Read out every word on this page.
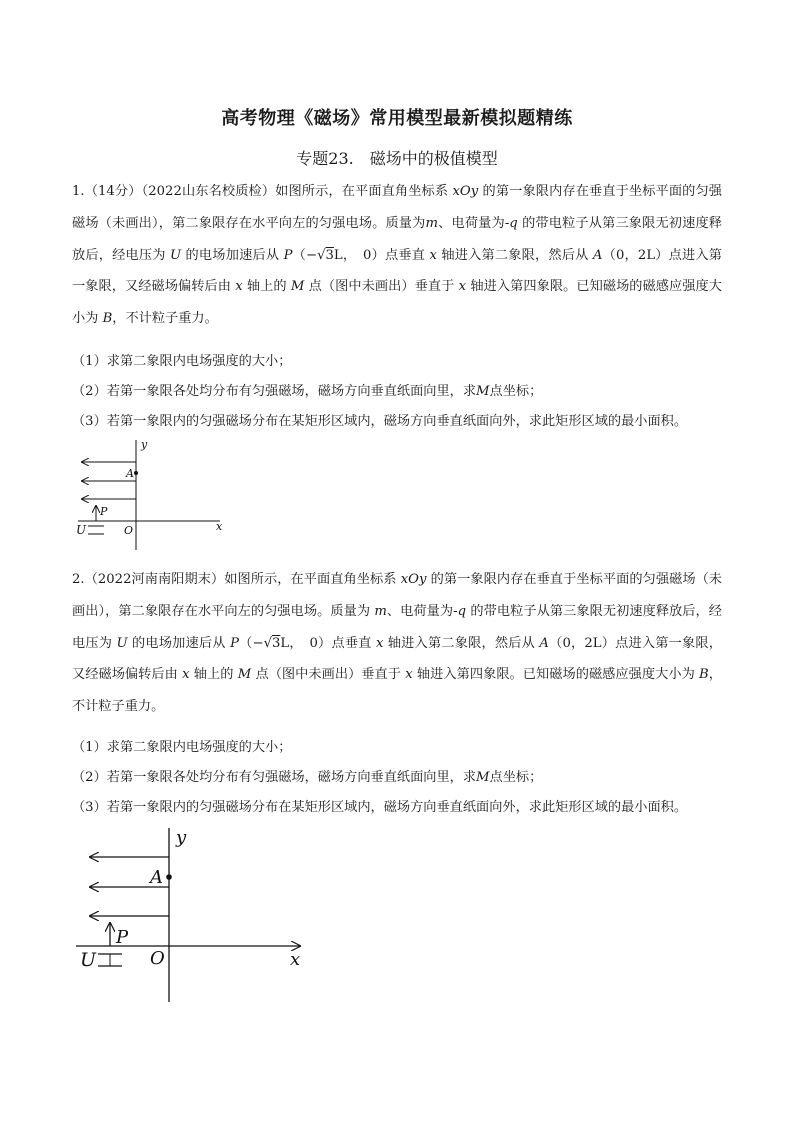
高考物理《磁场》常用模型最新模拟题精练
专题23.　磁场中的极值模型

1.（14分）（2022山东名校质检）如图所示，在平面直角坐标系 xOy 的第一象限内存在垂直于坐标平面的匀强磁场（未画出），第二象限存在水平向左的匀强电场。质量为m、电荷量为-q 的带电粒子从第三象限无初速度释放后，经电压为 U 的电场加速后从 P（−√3L，　0）点垂直 x 轴进入第二象限，然后从 A（0，2L）点进入第一象限，又经磁场偏转后由 x 轴上的 M 点（图中未画出）垂直于 x 轴进入第四象限。已知磁场的磁感应强度大小为 B，不计粒子重力。

（1）求第二象限内电场强度的大小；

（2）若第一象限各处均分布有匀强磁场，磁场方向垂直纸面向里，求M点坐标；

（3）若第一象限内的匀强磁场分布在某矩形区域内，磁场方向垂直纸面向外，求此矩形区域的最小面积。

y
A
P
U	O	x

2.（2022河南南阳期末）如图所示，在平面直角坐标系 xOy 的第一象限内存在垂直于坐标平面的匀强磁场（未画出），第二象限存在水平向左的匀强电场。质量为 m、电荷量为-q 的带电粒子从第三象限无初速度释放后，经电压为 U 的电场加速后从 P（−√3L，　0）点垂直 x 轴进入第二象限，然后从 A（0，2L）点进入第一象限，又经磁场偏转后由 x 轴上的 M 点（图中未画出）垂直于 x 轴进入第四象限。已知磁场的磁感应强度大小为 B，不计粒子重力。

（1）求第二象限内电场强度的大小；

（2）若第一象限各处均分布有匀强磁场，磁场方向垂直纸面向里，求M点坐标；

（3）若第一象限内的匀强磁场分布在某矩形区域内，磁场方向垂直纸面向外，求此矩形区域的最小面积。

y
A
P
U	O	x
